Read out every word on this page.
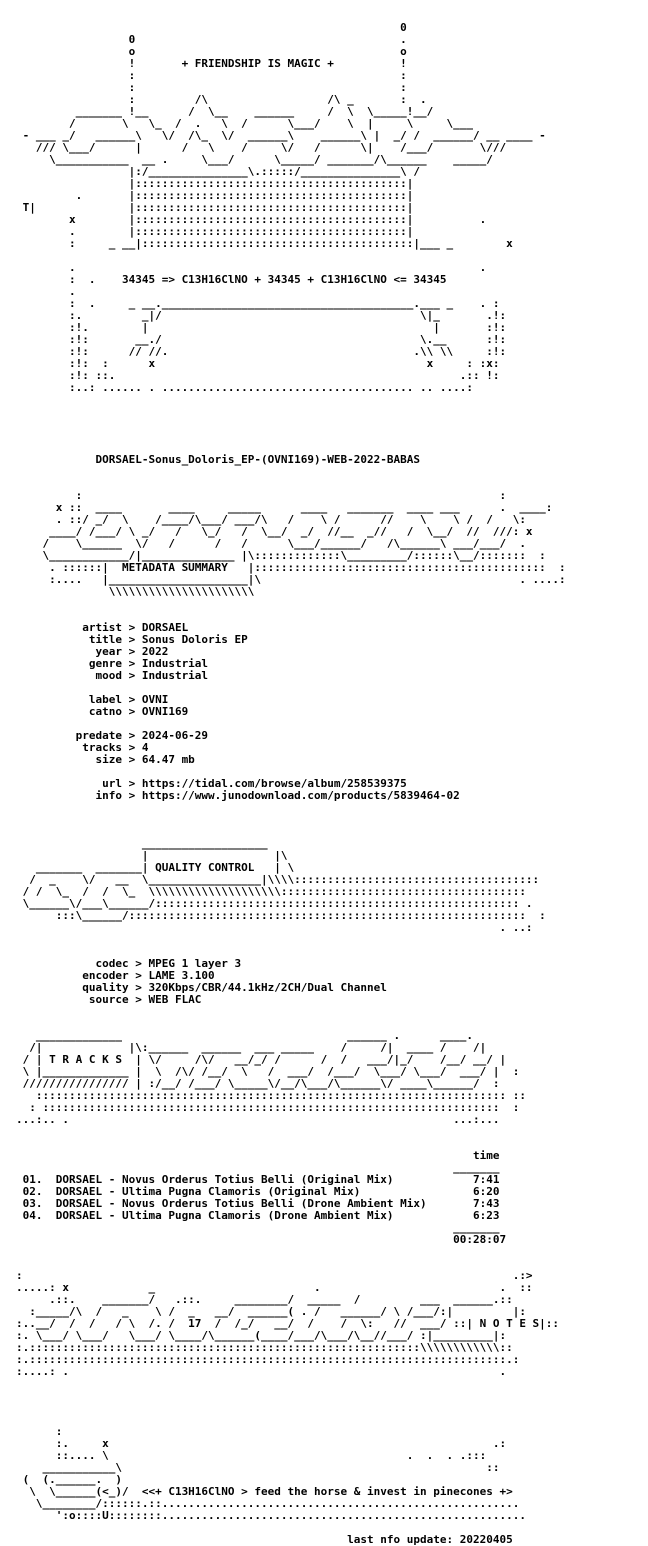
0
0                                        .
o                                        o
!       + FRIENDSHIP IS MAGIC +          !
:                                        :
:                                        :
:         /\                  /\ _       :  .
_______ !__      /  \__    ______     /  \  \_____!__/
/       \   \_  /  .   \  /      \___/    \  |     \     \___
- ___ _/   ______\   \/  /\_  \/  ______\    ______\ |  _/ /  ______/ __ ____ -
/// \___/      |      /   \    /     \/   /      \|    /___/       \///
\___________  __ .     \___/      \_____/ _______/\______    _____/
|:/_______________\.:::::/_______________\ /
|:::::::::::::::::::::::::::::::::::::::::|
.       |:::::::::::::::::::::::::::::::::::::::::|
T|              |:::::::::::::::::::::::::::::::::::::::::|
x        |:::::::::::::::::::::::::::::::::::::::::|          .
.        |:::::::::::::::::::::::::::::::::::::::::|
:     _ __|:::::::::::::::::::::::::::::::::::::::::|___ _        x
.                                                             .
:  .    34345 => C13H16ClNO + 34345 + C13H16ClNO <= 34345
.
:  .     _ __.______________________________________.___ _    . :
:.         _|/                                       \|_       .!:
:!.        |                                           |       :!:
:!:       __./                                       \.__      :!:
:!:      // //.                                     .\\ \\     :!:
:!:  :      x                                         x     : :x:
:!: ::.                                                    .:: !:
:..: ...... . ...................................... .. ....:
DORSAEL-Sonus_Doloris_EP-(OVNI169)-WEB-2022-BABAS
:                                                               :
x ::  ____       ____     _____      ____   _______  ____ ___      .  ____:
. ::/ _/  \    /____/\___/ ___/\   /    \ /      //    \    \ /  /   \:
____/ /___/ \ _/   /   \_/   /  \__/  _/  //__  _//   /  \__/  //  ///: x
/    \______  \/   /      /   /      \___/______/   /\______\ ___/___/  .
\____________/|______________ |\:::::::::::::\_________/::::::\__/:::::::  :
. ::::::|  METADATA SUMMARY   |::::::::::::::::::::::::::::::::::::::::::::  :
:....   |_____________________|\                                       . ....:
\\\\\\\\\\\\\\\\\\\\\\
artist > DORSAEL
title > Sonus Doloris EP
year > 2022
genre > Industrial
mood > Industrial
label > OVNI
catno > OVNI169
predate > 2024-06-29
tracks > 4
size > 64.47 mb
url > https://tidal.com/browse/album/258539375
info > https://www.junodownload.com/products/5839464-02
___________________
|                   |\
_______  _______| QUALITY CONTROL   | \
/  _    \/   __  \_________________|\\\\:::::::::::::::::::::::::::::::::::::
/ /  \_  /  /  \_  \\\\\\\\\\\\\\\\\\\\:::::::::::::::::::::::::::::::::::::
\______\/___\______/::::::::::::::::::::::::::::::::::::::::::::::::::::::: .
:::\______/::::::::::::::::::::::::::::::::::::::::::::::::::::::::::::  :
. ..:
codec > MPEG 1 layer 3
encoder > LAME 3.100
quality > 320Kbps/CBR/44.1kHz/2CH/Dual Channel
source > WEB FLAC
_____________                                  ______ .      ____.
/|             |\:______  ______  ___ _____    /     /|  ____ /    /|
/ | T R A C K S  | \/     /\/   __/_/ /      /  /   ___/|_/    /__/ __/ |
\ |_____________ |  \  /\/ /__/  \   /  ___/  /___/  \___/ \___/  ___/ |  :
//////////////// | :/__/ /___/ \_____\/__/\___/\______\/ ____\______/  :
::::::::::::::::::::::::::::::::::::::::::::::::::::::::::::::::::::::: ::
: :::::::::::::::::::::::::::::::::::::::::::::::::::::::::::::::::::::  :
...:.. .                                                          ...:...
time
_______
01.  DORSAEL - Novus Orderus Totius Belli (Original Mix)            7:41
02.  DORSAEL - Ultima Pugna Clamoris (Original Mix)                 6:20
03.  DORSAEL - Novus Orderus Totius Belli (Drone Ambient Mix)       7:43
04.  DORSAEL - Ultima Pugna Clamoris (Drone Ambient Mix)            6:23
_______
00:28:07
:                                                                          .:>
.....: x            _                        .                           .  ::
.::.    _______/   .::.     ________/  _____  /         ___  ______.::
:_____/\  /   _    \ /  _   __/  ______( . /   ______/ \ /___/:|         |:
:..__/  /  /   / \  /. /  17  /  /_/   __/  /    /  \:   //  ___/ ::| N O T E S|::
:. \___/ \___/   \___/ \____/\______(____/___/\___/\__//___/ :|_________|:
:.:::::::::::::::::::::::::::::::::::::::::::::::::::::::::::\\\\\\\\\\\\::
:.::::::::::::::::::::::::::::::::::::::::::::::::::::::::::::::::::::::::.:
:....: .                                                                 .
:
:.     x                                                          .:
::.... \                                             .  .  . .:::
___________\                                                       ::
(  (.______.  )
\  \______(<_)/  <<+ C13H16ClNO > feed the horse & invest in pinecones +>
\________/::::::.::......................................................
':o::::U::::::::.......................................................
last nfo update: 20220405
